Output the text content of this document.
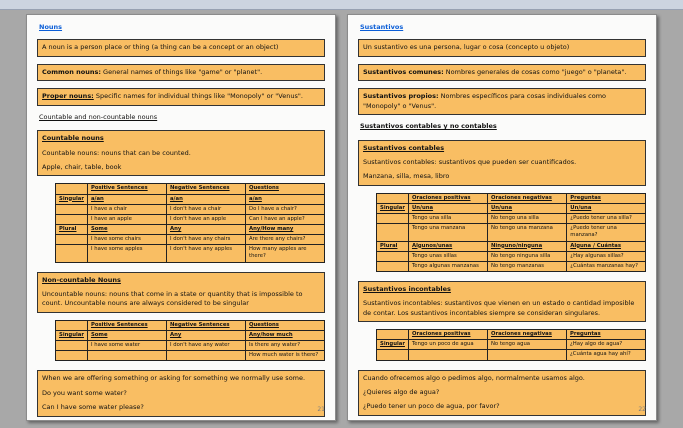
Nouns
A noun is a person place or thing (a thing can be a concept or an object)
Common nouns: General names of things like "game" or "planet".
Proper nouns: Specific names for individual things like "Monopoly" or "Venus".
Countable and non-countable nouns
Countable nouns
Countable nouns: nouns that can be counted.
Apple, chair, table, book
	Positive Sentences	Negative Sentences	Questions
Singular	a/an	a/an	a/an
	I have a chair	I don't have a chair	Do I have a chair?
	I have an apple	I don't have an apple	Can I have an apple?
Plural	Some	Any	Any/How many
	I have some chairs	I don't have any chairs	Are there any chairs?
	I have some apples	I don't have any apples	How many apples are there?
Non-countable Nouns
Uncountable nouns: nouns that come in a state or quantity that is impossible to count. Uncountable nouns are always considered to be singular
	Positive Sentences	Negative Sentences	Questions
Singular	Some	Any	Any/how much
	I have some water	I don't have any water	Is there any water?
			How much water is there?
When we are offering something or asking for something we normally use some.
Do you want some water?
Can I have some water please?	21
Sustantivos
Un sustantivo es una persona, lugar o cosa (concepto u objeto)
Sustantivos comunes: Nombres generales de cosas como "juego" o "planeta".
Sustantivos propios: Nombres específicos para cosas individuales como "Monopoly" o "Venus".
Sustantivos contables y no contables
Sustantivos contables
Sustantivos contables: sustantivos que pueden ser cuantificados.
Manzana, silla, mesa, libro
	Oraciones positivas	Oraciones negativas	Preguntas
Singular	Un/una	Un/una	Un/una
	Tengo una silla	No tengo una silla	¿Puedo tener una silla?
	Tengo una manzana	No tengo una manzana	¿Puedo tener una manzana?
Plural	Algunos/unas	Ninguno/ninguna	Alguna / Cuántas
	Tengo unas sillas	No tengo ninguna silla	¿Hay algunas sillas?
	Tengo algunas manzanas	No tengo manzanas	¿Cuántas manzanas hay?
Sustantivos incontables
Sustantivos incontables: sustantivos que vienen en un estado o cantidad imposible de contar. Los sustantivos incontables siempre se consideran singulares.
	Oraciones positivas	Oraciones negativas	Preguntas
Singular	Tengo un poco de agua	No tengo agua	¿Hay algo de agua?
			¿Cuánta agua hay ahí?
Cuando ofrecemos algo o pedimos algo, normalmente usamos algo.
¿Quieres algo de agua?
¿Puedo tener un poco de agua, por favor?	22
